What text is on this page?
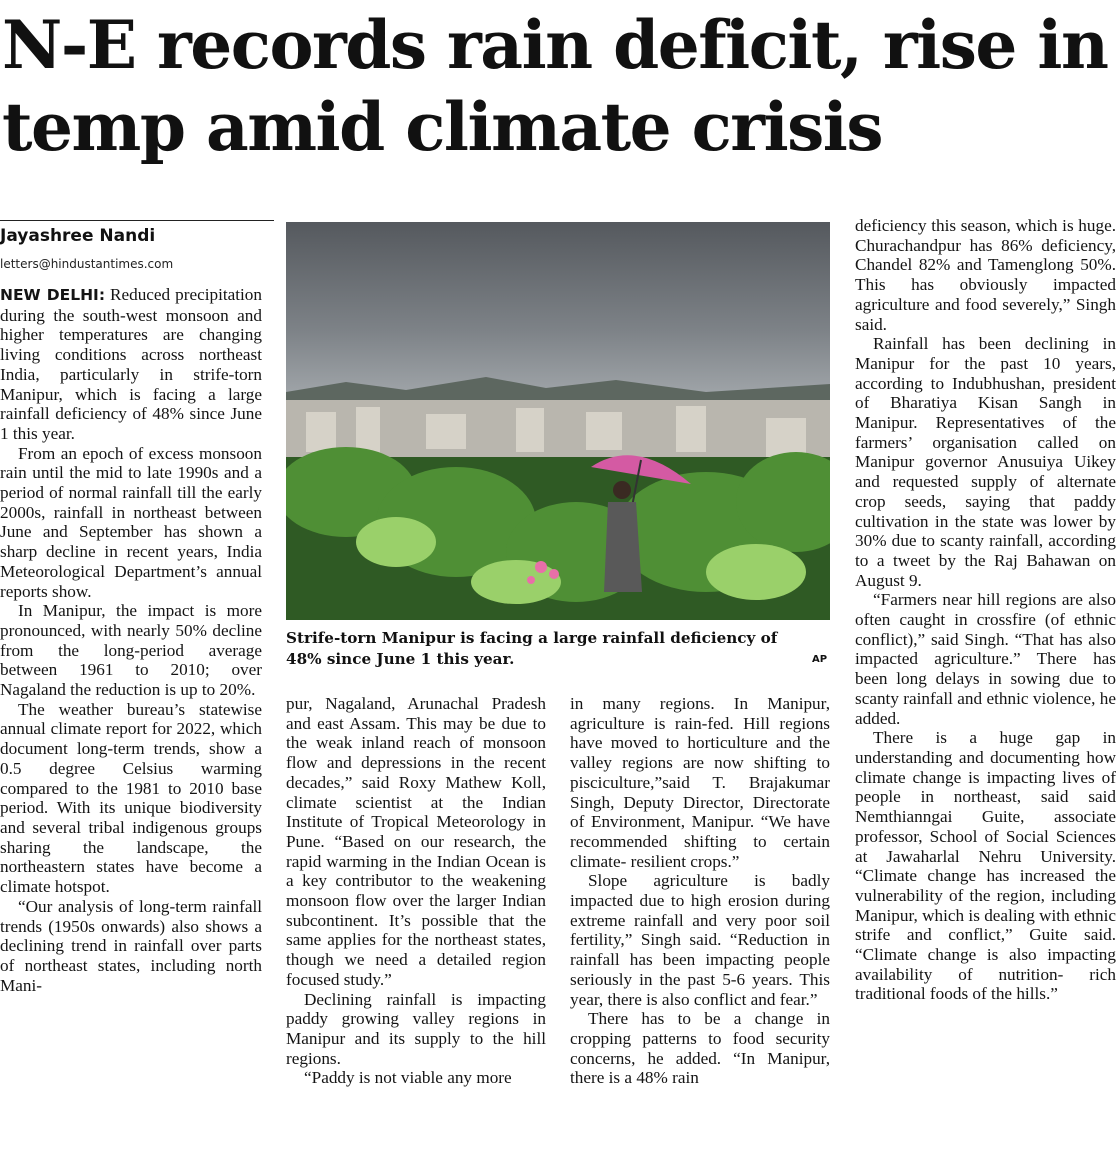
N-E records rain deficit, rise in temp amid climate crisis
Jayashree Nandi
letters@hindustantimes.com

NEW DELHI: Reduced precipitation during the south-west monsoon and higher temperatures are changing living conditions across northeast India, particularly in strife-torn Manipur, which is facing a large rainfall deficiency of 48% since June 1 this year.

From an epoch of excess monsoon rain until the mid to late 1990s and a period of normal rainfall till the early 2000s, rainfall in northeast between June and September has shown a sharp decline in recent years, India Meteorological Department’s annual reports show.

In Manipur, the impact is more pronounced, with nearly 50% decline from the long-period average between 1961 to 2010; over Nagaland the reduction is up to 20%.

The weather bureau’s statewise annual climate report for 2022, which document long-term trends, show a 0.5 degree Celsius warming compared to the 1981 to 2010 base period. With its unique biodiversity and several tribal indigenous groups sharing the landscape, the northeastern states have become a climate hotspot.

“Our analysis of long-term rainfall trends (1950s onwards) also shows a declining trend in rainfall over parts of northeast states, including north Mani-

Strife-torn Manipur is facing a large rainfall deficiency of 48% since June 1 this year.	AP

pur, Nagaland, Arunachal Pradesh and east Assam. This may be due to the weak inland reach of monsoon flow and depressions in the recent decades,” said Roxy Mathew Koll, climate scientist at the Indian Institute of Tropical Meteorology in Pune. “Based on our research, the rapid warming in the Indian Ocean is a key contributor to the weakening monsoon flow over the larger Indian subcontinent. It’s possible that the same applies for the northeast states, though we need a detailed region focused study.”

Declining rainfall is impacting paddy growing valley regions in Manipur and its supply to the hill regions.

“Paddy is not viable any more

in many regions. In Manipur, agriculture is rain-fed. Hill regions have moved to horticulture and the valley regions are now shifting to pisciculture,”said T. Brajakumar Singh, Deputy Director, Directorate of Environment, Manipur. “We have recommended shifting to certain climate- resilient crops.”

Slope agriculture is badly impacted due to high erosion during extreme rainfall and very poor soil fertility,” Singh said. “Reduction in rainfall has been impacting people seriously in the past 5-6 years. This year, there is also conflict and fear.”

There has to be a change in cropping patterns to food security concerns, he added. “In Manipur, there is a 48% rain

deficiency this season, which is huge. Churachandpur has 86% deficiency, Chandel 82% and Tamenglong 50%. This has obviously impacted agriculture and food severely,” Singh said.

Rainfall has been declining in Manipur for the past 10 years, according to Indubhushan, president of Bharatiya Kisan Sangh in Manipur. Representatives of the farmers’ organisation called on Manipur governor Anusuiya Uikey and requested supply of alternate crop seeds, saying that paddy cultivation in the state was lower by 30% due to scanty rainfall, according to a tweet by the Raj Bahawan on August 9.

“Farmers near hill regions are also often caught in crossfire (of ethnic conflict),” said Singh. “That has also impacted agriculture.” There has been long delays in sowing due to scanty rainfall and ethnic violence, he added.

There is a huge gap in understanding and documenting how climate change is impacting lives of people in northeast, said said Nemthianngai Guite, associate professor, School of Social Sciences at Jawaharlal Nehru University. “Climate change has increased the vulnerability of the region, including Manipur, which is dealing with ethnic strife and conflict,” Guite said. “Climate change is also impacting availability of nutrition- rich traditional foods of the hills.”
